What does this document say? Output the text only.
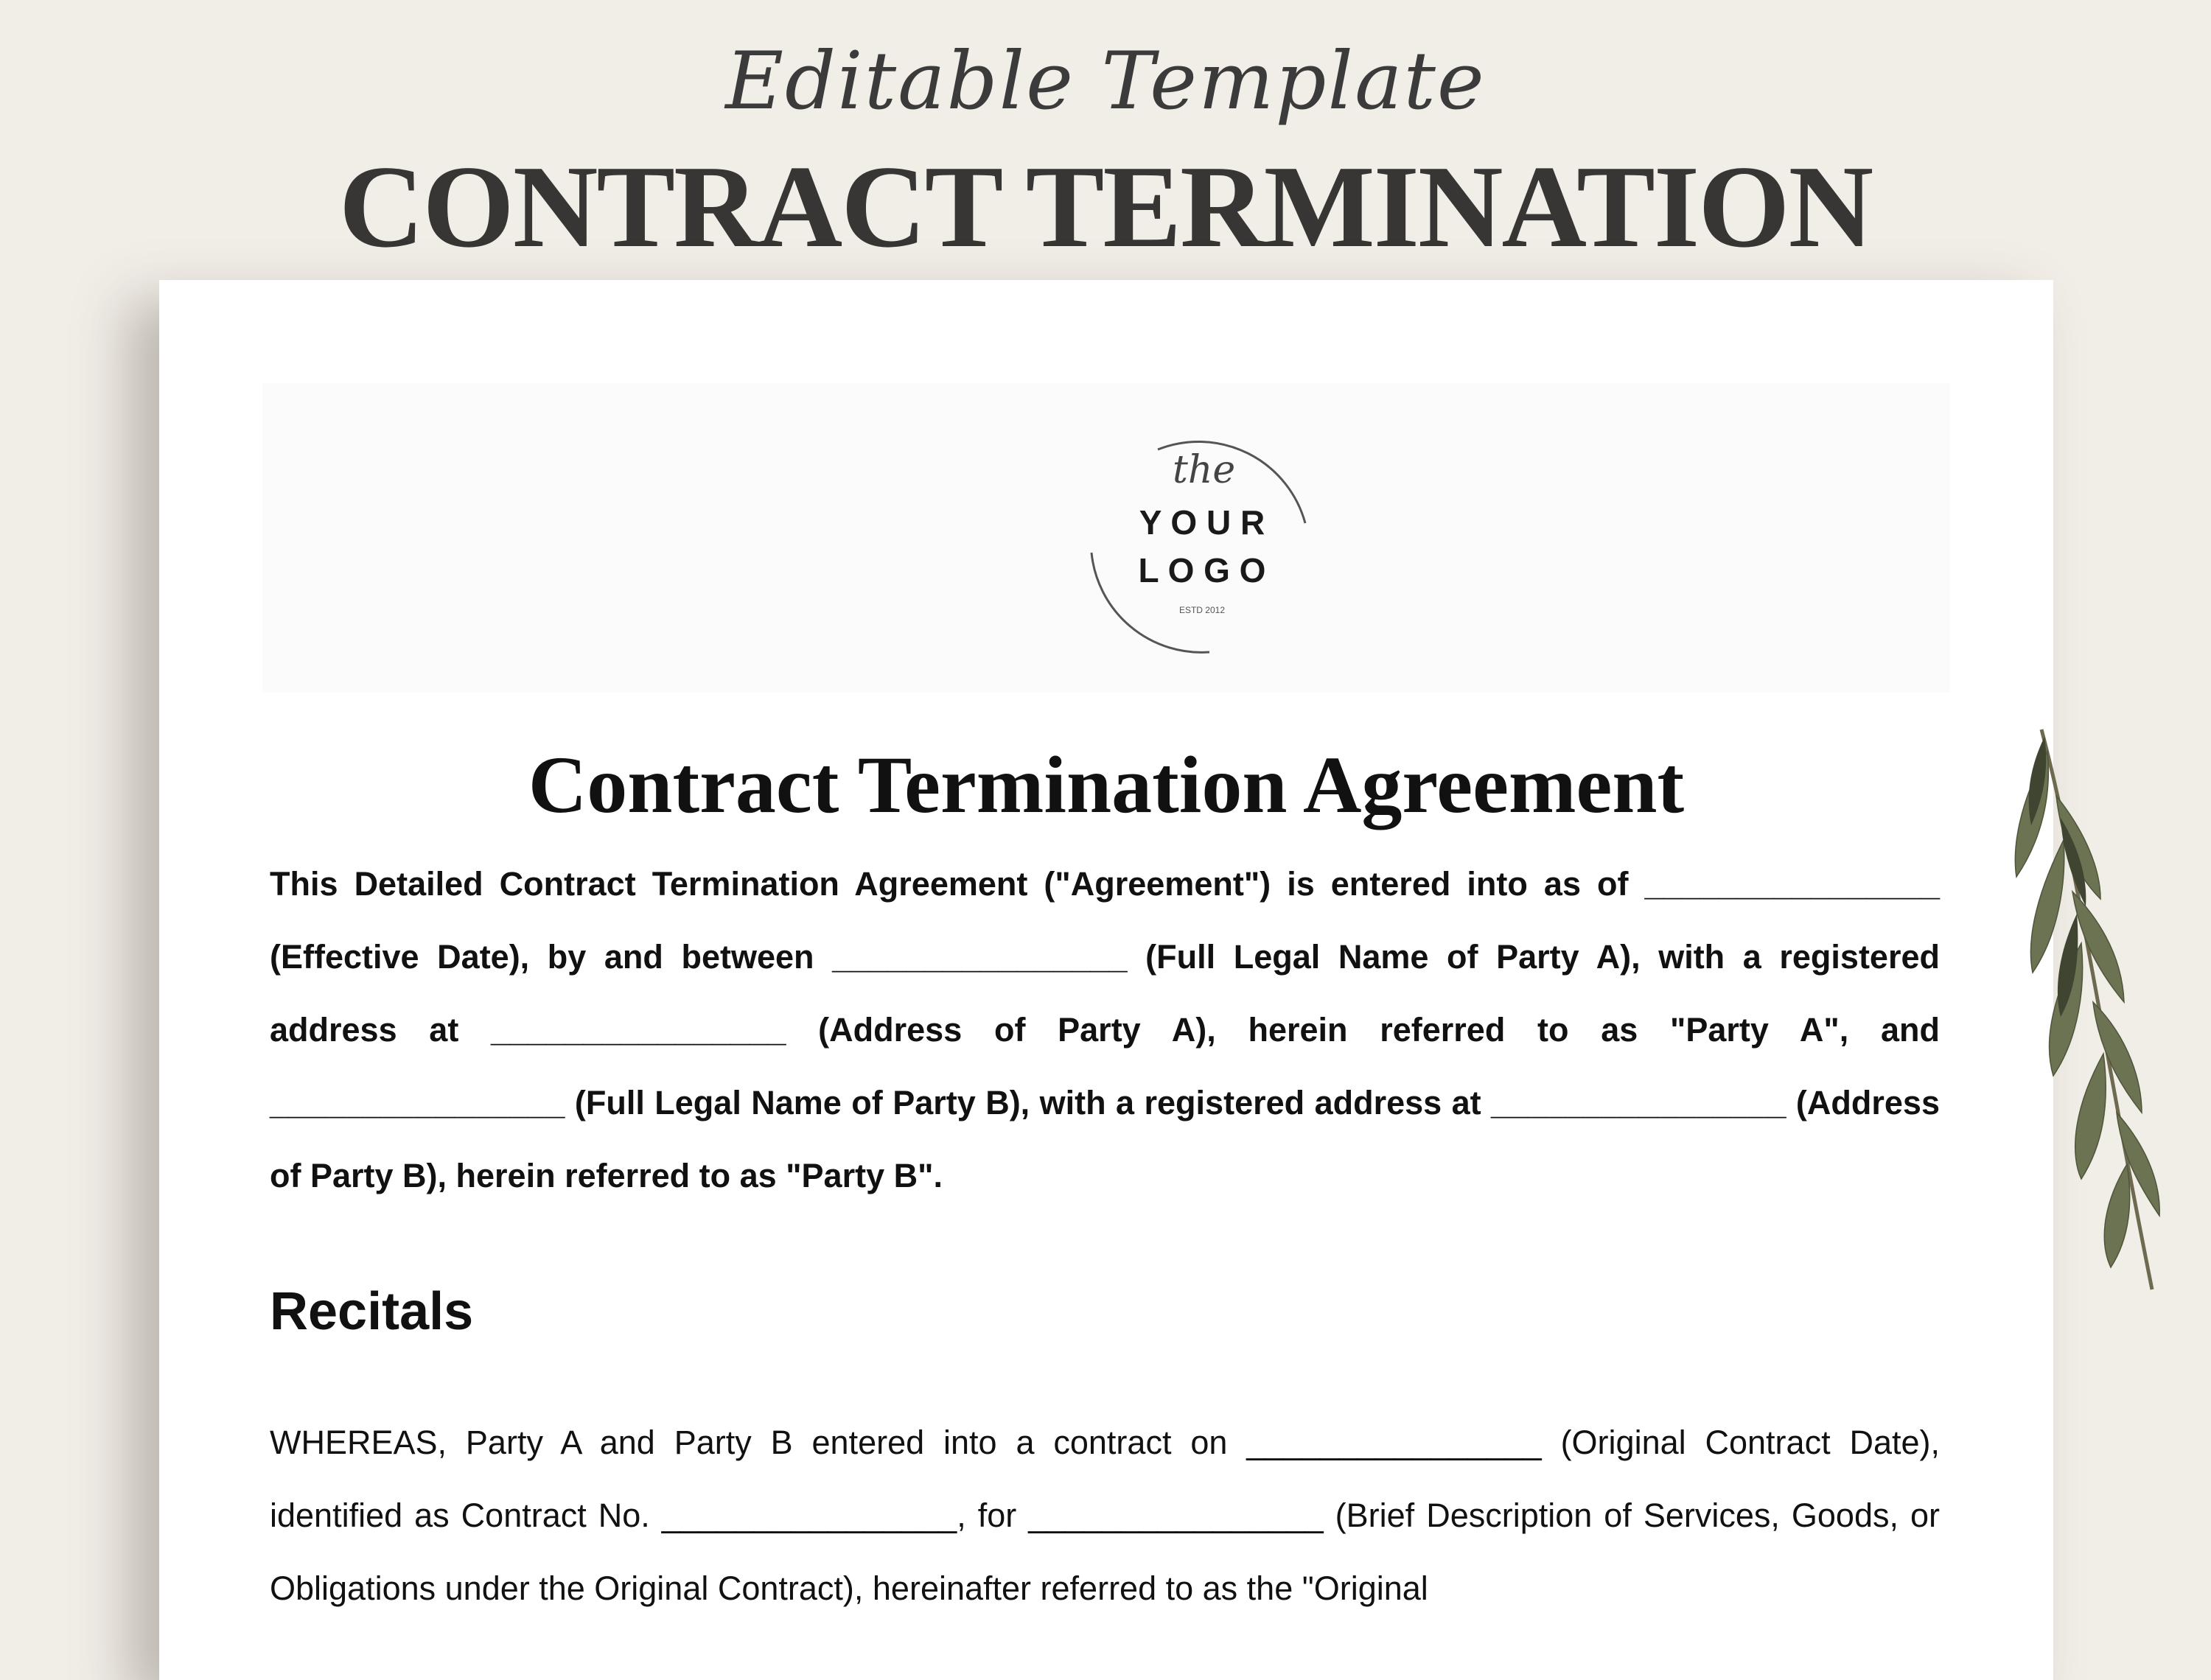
Editable Template
CONTRACT TERMINATION
the
Y O U R
L O G O
ESTD 2012
Contract Termination Agreement

This Detailed Contract Termination Agreement ("Agreement") is entered into as of ________________ (Effective Date), by and between ________________ (Full Legal Name of Party A), with a registered address at ________________ (Address of Party A), herein referred to as "Party A", and ________________ (Full Legal Name of Party B), with a registered address at ________________ (Address of Party B), herein referred to as "Party B".

Recitals

WHEREAS, Party A and Party B entered into a contract on ________________ (Original Contract Date), identified as Contract No. ________________, for ________________ (Brief Description of Services, Goods, or Obligations under the Original Contract), hereinafter referred to as the "Original
